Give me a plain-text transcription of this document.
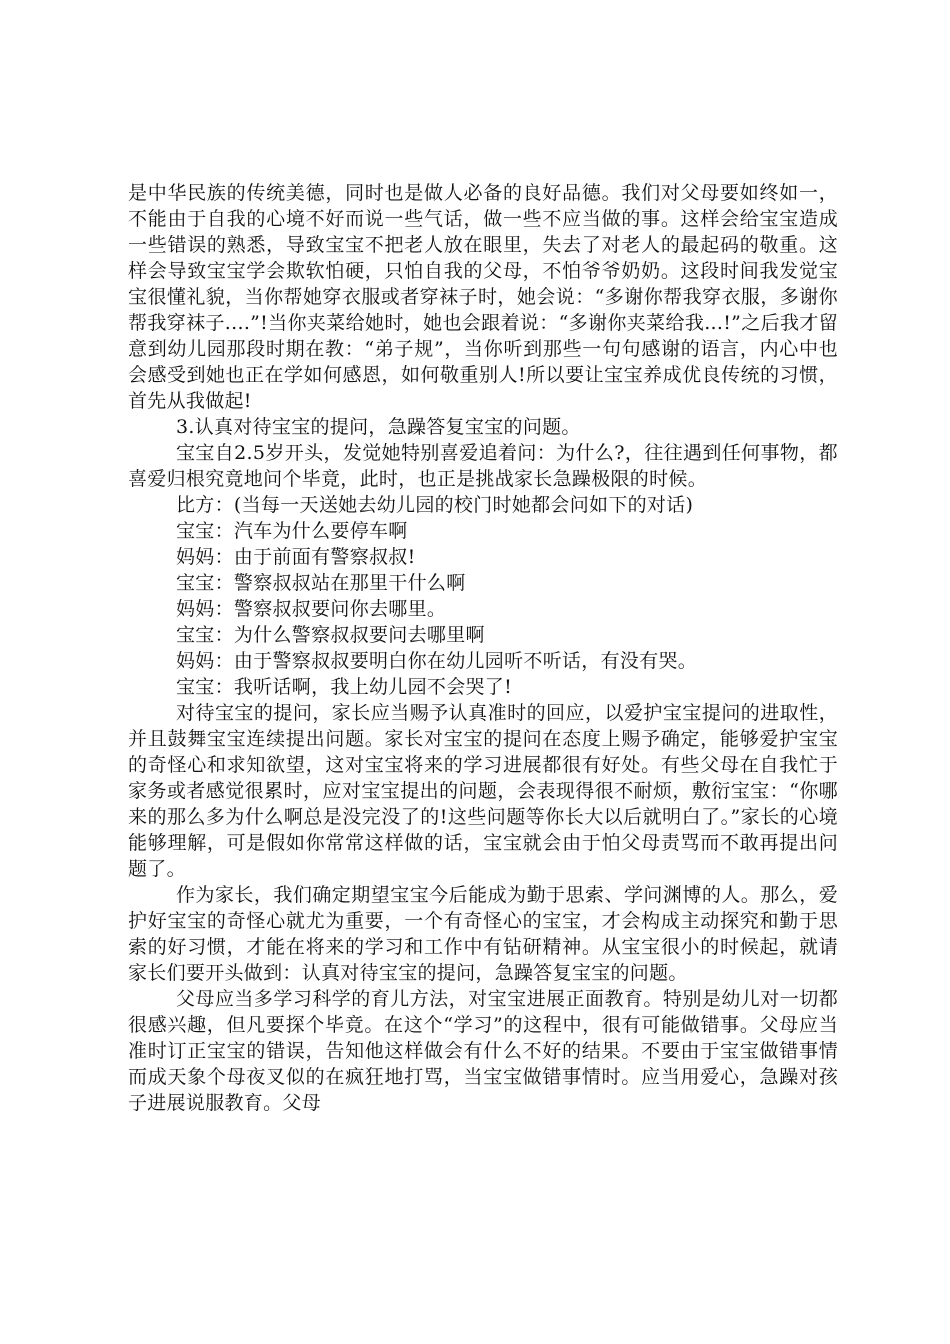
是中华民族的传统美德，同时也是做人必备的良好品德。我们对父母要如终如一，不能由于自我的心境不好而说一些气话，做一些不应当做的事。这样会给宝宝造成一些错误的熟悉，导致宝宝不把老人放在眼里，失去了对老人的最起码的敬重。这样会导致宝宝学会欺软怕硬，只怕自我的父母，不怕爷爷奶奶。这段时间我发觉宝宝很懂礼貌，当你帮她穿衣服或者穿袜子时，她会说：“多谢你帮我穿衣服，多谢你帮我穿袜子....”!当你夹菜给她时，她也会跟着说：“多谢你夹菜给我...!”之后我才留意到幼儿园那段时期在教：“弟子规”，当你听到那些一句句感谢的语言，内心中也会感受到她也正在学如何感恩，如何敬重别人!所以要让宝宝养成优良传统的习惯，首先从我做起!

3.认真对待宝宝的提问，急躁答复宝宝的问题。

宝宝自2.5岁开头，发觉她特别喜爱追着问：为什么?，往往遇到任何事物，都喜爱归根究竟地问个毕竟，此时，也正是挑战家长急躁极限的时候。

比方：(当每一天送她去幼儿园的校门时她都会问如下的对话)

宝宝：汽车为什么要停车啊

妈妈：由于前面有警察叔叔!

宝宝：警察叔叔站在那里干什么啊

妈妈：警察叔叔要问你去哪里。

宝宝：为什么警察叔叔要问去哪里啊

妈妈：由于警察叔叔要明白你在幼儿园听不听话，有没有哭。

宝宝：我听话啊，我上幼儿园不会哭了!

对待宝宝的提问，家长应当赐予认真准时的回应，以爱护宝宝提问的进取性，并且鼓舞宝宝连续提出问题。家长对宝宝的提问在态度上赐予确定，能够爱护宝宝的奇怪心和求知欲望，这对宝宝将来的学习进展都很有好处。有些父母在自我忙于家务或者感觉很累时，应对宝宝提出的问题，会表现得很不耐烦，敷衍宝宝：“你哪来的那么多为什么啊总是没完没了的!这些问题等你长大以后就明白了。”家长的心境能够理解，可是假如你常常这样做的话，宝宝就会由于怕父母责骂而不敢再提出问题了。

作为家长，我们确定期望宝宝今后能成为勤于思索、学问渊博的人。那么，爱护好宝宝的奇怪心就尤为重要，一个有奇怪心的宝宝，才会构成主动探究和勤于思索的好习惯，才能在将来的学习和工作中有钻研精神。从宝宝很小的时候起，就请家长们要开头做到：认真对待宝宝的提问，急躁答复宝宝的问题。

父母应当多学习科学的育儿方法，对宝宝进展正面教育。特别是幼儿对一切都很感兴趣，但凡要探个毕竟。在这个“学习”的这程中，很有可能做错事。父母应当准时订正宝宝的错误，告知他这样做会有什么不好的结果。不要由于宝宝做错事情而成天象个母夜叉似的在疯狂地打骂，当宝宝做错事情时。应当用爱心，急躁对孩子进展说服教育。父母
